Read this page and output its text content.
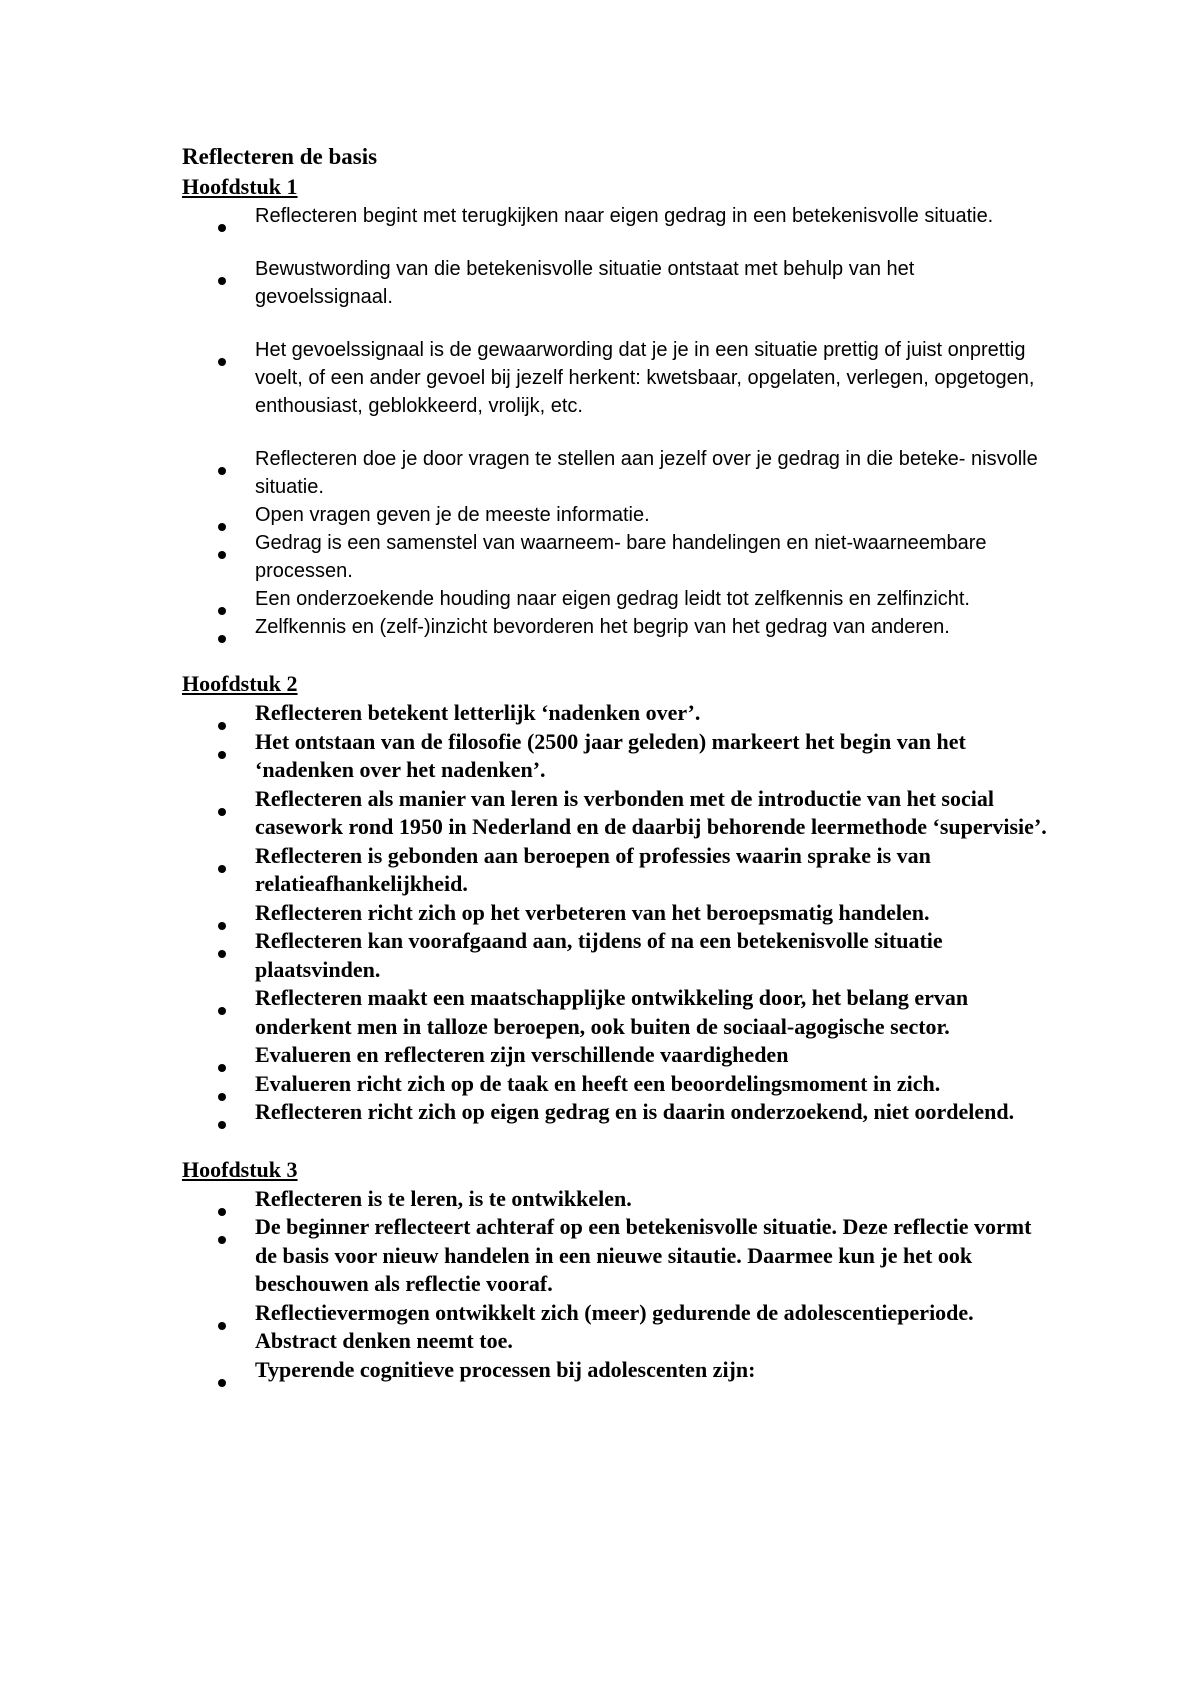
Reflecteren de basis
Hoofdstuk 1
Reflecteren begint met terugkijken naar eigen gedrag in een betekenisvolle situatie.
Bewustwording van die betekenisvolle situatie ontstaat met behulp van het gevoelssignaal.
Het gevoelssignaal is de gewaarwording dat je je in een situatie prettig of juist onprettig voelt, of een ander gevoel bij jezelf herkent: kwetsbaar, opgelaten, verlegen, opgetogen, enthousiast, geblokkeerd, vrolijk, etc.
Reflecteren doe je door vragen te stellen aan jezelf over je gedrag in die beteke- nisvolle situatie.
Open vragen geven je de meeste informatie.
Gedrag is een samenstel van waarneem- bare handelingen en niet-waarneembare processen.
Een onderzoekende houding naar eigen gedrag leidt tot zelfkennis en zelfinzicht.
Zelfkennis en (zelf-)inzicht bevorderen het begrip van het gedrag van anderen.
Hoofdstuk 2
Reflecteren betekent letterlijk ‘nadenken over’.
Het ontstaan van de filosofie (2500 jaar geleden) markeert het begin van het ‘nadenken over het nadenken’.
Reflecteren als manier van leren is verbonden met de introductie van het social casework rond 1950 in Nederland en de daarbij behorende leermethode ‘supervisie’.
Reflecteren is gebonden aan beroepen of professies waarin sprake is van relatieafhankelijkheid.
Reflecteren richt zich op het verbeteren van het beroepsmatig handelen.
Reflecteren kan voorafgaand aan, tijdens of na een betekenisvolle situatie plaatsvinden.
Reflecteren maakt een maatschapplijke ontwikkeling door, het belang ervan onderkent men in talloze beroepen, ook buiten de sociaal-agogische sector.
Evalueren en reflecteren zijn verschillende vaardigheden
Evalueren richt zich op de taak en heeft een beoordelingsmoment in zich.
Reflecteren richt zich op eigen gedrag en is daarin onderzoekend, niet oordelend.
Hoofdstuk 3
Reflecteren is te leren, is te ontwikkelen.
De beginner reflecteert achteraf op een betekenisvolle situatie. Deze reflectie vormt de basis voor nieuw handelen in een nieuwe sitautie. Daarmee kun je het ook beschouwen als reflectie vooraf.
Reflectievermogen ontwikkelt zich (meer) gedurende de adolescentieperiode. Abstract denken neemt toe.
Typerende cognitieve processen bij adolescenten zijn:
